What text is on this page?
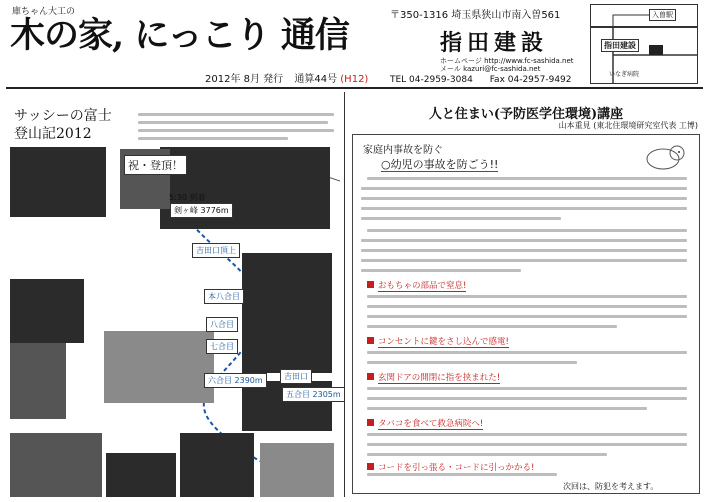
庫ちゃん大工の
木の家, にっこり 通信
2012年 8月 発行 通算44号 (H12)
〒350-1316 埼玉県狭山市南入曽561
指田建設
ホームページ http://www.fc-sashida.net
メール kazuri@fc-sashida.net
TEL 04-2959-3084 Fax 04-2957-9492
入曽駅
指田建設
いなぎ病院
サッシーの富士
登山記2012
祝・登頂！
剣ヶ峰 3776m
5:30 到着
本八合目
吉田口頂上
八合目
七合目
六合目 2390m	吉田口
五合目 2305m
人と住まい(予防医学住環境)講座
山本重見 (東北住環境研究室代表 工博)
家庭内事故を防ぐ
○幼児の事故を防ごう!!
おもちゃの部品で窒息!
コンセントに鍵をさし込んで感電!
玄関ドアの開閉に指を挟まれた!
タバコを食べて救急病院へ!
コードを引っ張る・コードに引っかかる!
次回は、防犯を考えます。
